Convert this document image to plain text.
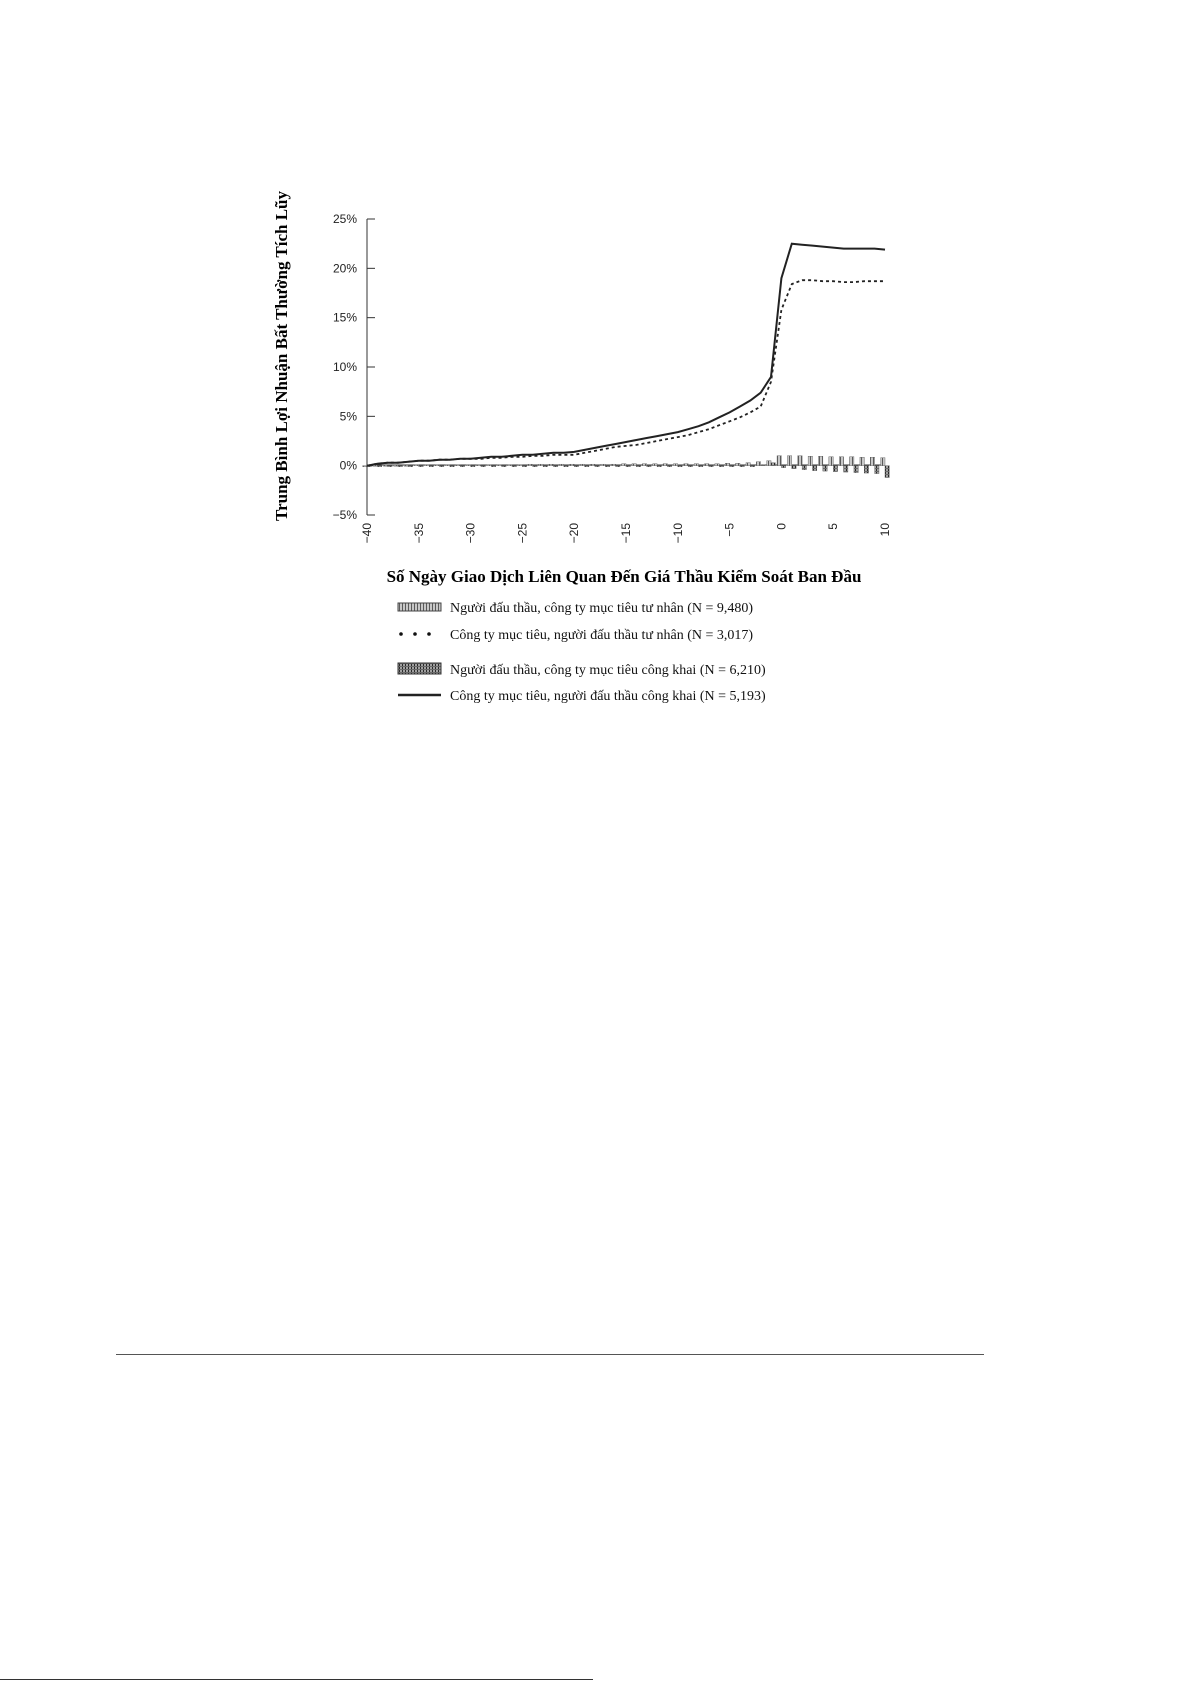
Trung Bình Lợi Nhuận Bất Thường Tích Lũy	25%
20%
15%
10%
5%
0%
−5%
−40	−35	−30	−25	−20	−15	−10	−5	0	5	10
Số Ngày Giao Dịch Liên Quan Đến Giá Thầu Kiểm Soát Ban Đầu
Người đấu thầu, công ty mục tiêu tư nhân (N = 9,480)
Công ty mục tiêu, người đấu thầu tư nhân (N = 3,017)
Người đấu thầu, công ty mục tiêu công khai (N = 6,210)
Công ty mục tiêu, người đấu thầu công khai (N = 5,193)
